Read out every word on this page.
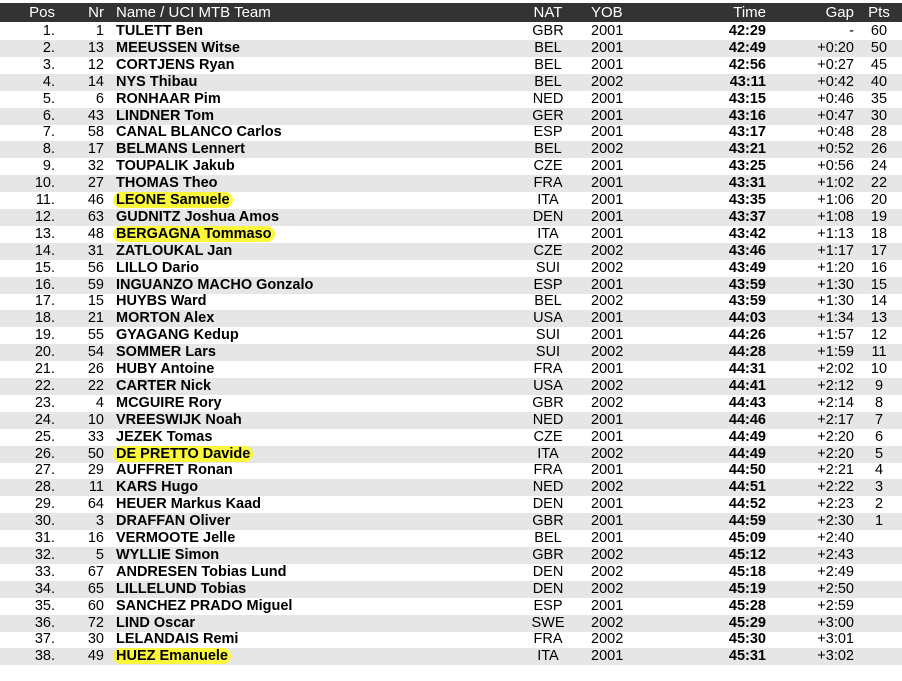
Pos	Nr Name / UCI MTB Team	NAT	YOB	Time	Gap Pts
1.	1 TULETT Ben	GBR	2001	42:29	-	60
2.	13 MEEUSSEN Witse	BEL	2001	42:49	+0:20	50
3.	12 CORTJENS Ryan	BEL	2001	42:56	+0:27	45
4.	14 NYS Thibau	BEL	2002	43:11	+0:42	40
5.	6 RONHAAR Pim	NED	2001	43:15	+0:46	35
6.	43 LINDNER Tom	GER	2001	43:16	+0:47	30
7.	58 CANAL BLANCO Carlos	ESP	2001	43:17	+0:48	28
8.	17 BELMANS Lennert	BEL	2002	43:21	+0:52	26
9.	32 TOUPALIK Jakub	CZE	2001	43:25	+0:56	24
10.	27 THOMAS Theo	FRA	2001	43:31	+1:02	22
11.	46 LEONE Samuele	ITA	2001	43:35	+1:06	20
12.	63 GUDNITZ Joshua Amos	DEN	2001	43:37	+1:08	19
13.	48 BERGAGNA Tommaso	ITA	2001	43:42	+1:13	18
14.	31 ZATLOUKAL Jan	CZE	2002	43:46	+1:17	17
15.	56 LILLO Dario	SUI	2002	43:49	+1:20	16
16.	59 INGUANZO MACHO Gonzalo	ESP	2001	43:59	+1:30	15
17.	15 HUYBS Ward	BEL	2002	43:59	+1:30	14
18.	21 MORTON Alex	USA	2001	44:03	+1:34	13
19.	55 GYAGANG Kedup	SUI	2001	44:26	+1:57	12
20.	54 SOMMER Lars	SUI	2002	44:28	+1:59	11
21.	26 HUBY Antoine	FRA	2001	44:31	+2:02	10
22.	22 CARTER Nick	USA	2002	44:41	+2:12	9
23.	4 MCGUIRE Rory	GBR	2002	44:43	+2:14	8
24.	10 VREESWIJK Noah	NED	2001	44:46	+2:17	7
25.	33 JEZEK Tomas	CZE	2001	44:49	+2:20	6
26.	50 DE PRETTO Davide	ITA	2002	44:49	+2:20	5
27.	29 AUFFRET Ronan	FRA	2001	44:50	+2:21	4
28.	11 KARS Hugo	NED	2002	44:51	+2:22	3
29.	64 HEUER Markus Kaad	DEN	2001	44:52	+2:23	2
30.	3 DRAFFAN Oliver	GBR	2001	44:59	+2:30	1
31.	16 VERMOOTE Jelle	BEL	2001	45:09	+2:40
32.	5 WYLLIE Simon	GBR	2002	45:12	+2:43
33.	67 ANDRESEN Tobias Lund	DEN	2002	45:18	+2:49
34.	65 LILLELUND Tobias	DEN	2002	45:19	+2:50
35.	60 SANCHEZ PRADO Miguel	ESP	2001	45:28	+2:59
36.	72 LIND Oscar	SWE	2002	45:29	+3:00
37.	30 LELANDAIS Remi	FRA	2002	45:30	+3:01
38.	49 HUEZ Emanuele	ITA	2001	45:31	+3:02
